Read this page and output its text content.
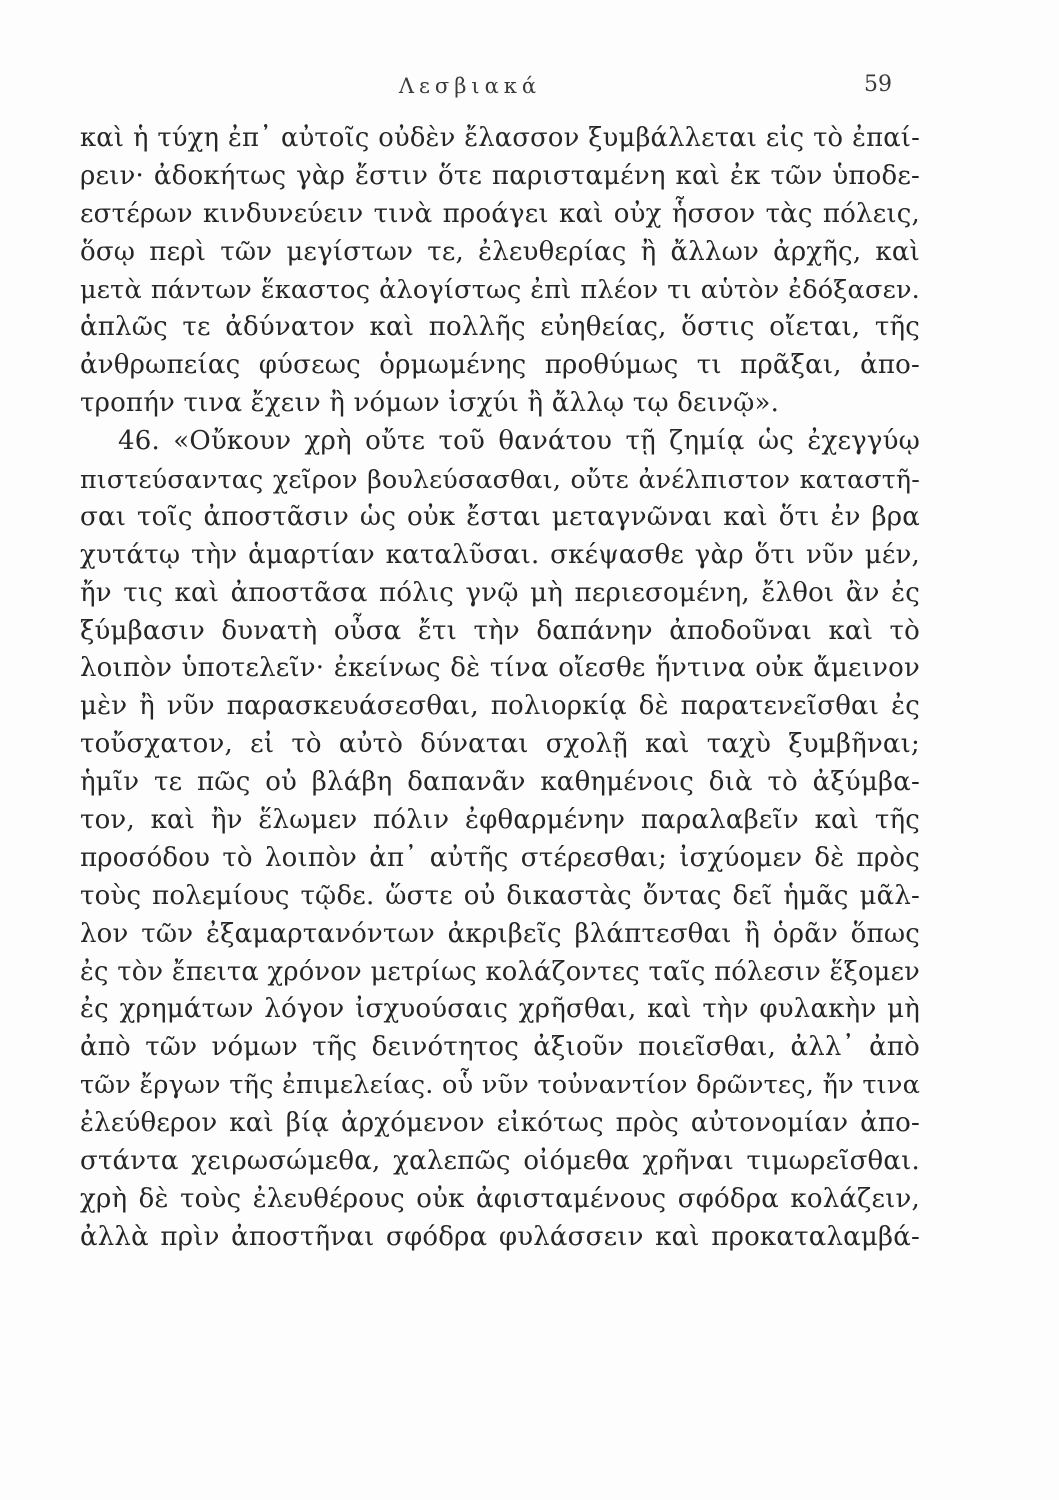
Λεσβιακά	59
καὶ ἡ τύχη ἐπ᾽ αὐτοῖς οὐδὲν ἔλασσον ξυμβάλλεται εἰς τὸ ἐπαί-
ρειν· ἀδοκήτως γὰρ ἔστιν ὅτε παρισταμένη καὶ ἐκ τῶν ὑποδε-
εστέρων κινδυνεύειν τινὰ προάγει καὶ οὐχ ἧσσον τὰς πόλεις,
ὅσῳ περὶ τῶν μεγίστων τε, ἐλευθερίας ἢ ἄλλων ἀρχῆς, καὶ
μετὰ πάντων ἕκαστος ἀλογίστως ἐπὶ πλέον τι αὑτὸν ἐδόξασεν.
ἁπλῶς τε ἀδύνατον καὶ πολλῆς εὐηθείας, ὅστις οἴεται, τῆς
ἀνθρωπείας φύσεως ὁρμωμένης προθύμως τι πρᾶξαι, ἀπο-
τροπήν τινα ἔχειν ἢ νόμων ἰσχύι ἢ ἄλλῳ τῳ δεινῷ».
46. «Οὔκουν χρὴ οὔτε τοῦ θανάτου τῇ ζημίᾳ ὡς ἐχεγγύῳ
πιστεύσαντας χεῖρον βουλεύσασθαι, οὔτε ἀνέλπιστον καταστῆ-
σαι τοῖς ἀποστᾶσιν ὡς οὐκ ἔσται μεταγνῶναι καὶ ὅτι ἐν βρα
χυτάτῳ τὴν ἁμαρτίαν καταλῦσαι. σκέψασθε γὰρ ὅτι νῦν μέν,
ἤν τις καὶ ἀποστᾶσα πόλις γνῷ μὴ περιεσομένη, ἔλθοι ἂν ἐς
ξύμβασιν δυνατὴ οὖσα ἔτι τὴν δαπάνην ἀποδοῦναι καὶ τὸ
λοιπὸν ὑποτελεῖν· ἐκείνως δὲ τίνα οἴεσθε ἥντινα οὐκ ἄμεινον
μὲν ἢ νῦν παρασκευάσεσθαι, πολιορκίᾳ δὲ παρατενεῖσθαι ἐς
τοὔσχατον, εἰ τὸ αὐτὸ δύναται σχολῇ καὶ ταχὺ ξυμβῆναι;
ἡμῖν τε πῶς οὐ βλάβη δαπανᾶν καθημένοις διὰ τὸ ἀξύμβα-
τον, καὶ ἢν ἕλωμεν πόλιν ἐφθαρμένην παραλαβεῖν καὶ τῆς
προσόδου τὸ λοιπὸν ἀπ᾽ αὐτῆς στέρεσθαι; ἰσχύομεν δὲ πρὸς
τοὺς πολεμίους τῷδε. ὥστε οὐ δικαστὰς ὄντας δεῖ ἡμᾶς μᾶλ-
λον τῶν ἐξαμαρτανόντων ἀκριβεῖς βλάπτεσθαι ἢ ὁρᾶν ὅπως
ἐς τὸν ἔπειτα χρόνον μετρίως κολάζοντες ταῖς πόλεσιν ἕξομεν
ἐς χρημάτων λόγον ἰσχυούσαις χρῆσθαι, καὶ τὴν φυλακὴν μὴ
ἀπὸ τῶν νόμων τῆς δεινότητος ἀξιοῦν ποιεῖσθαι, ἀλλ᾽ ἀπὸ
τῶν ἔργων τῆς ἐπιμελείας. οὗ νῦν τοὐναντίον δρῶντες, ἤν τινα
ἐλεύθερον καὶ βίᾳ ἀρχόμενον εἰκότως πρὸς αὐτονομίαν ἀπο-
στάντα χειρωσώμεθα, χαλεπῶς οἰόμεθα χρῆναι τιμωρεῖσθαι.
χρὴ δὲ τοὺς ἐλευθέρους οὐκ ἀφισταμένους σφόδρα κολάζειν,
ἀλλὰ πρὶν ἀποστῆναι σφόδρα φυλάσσειν καὶ προκαταλαμβά-
